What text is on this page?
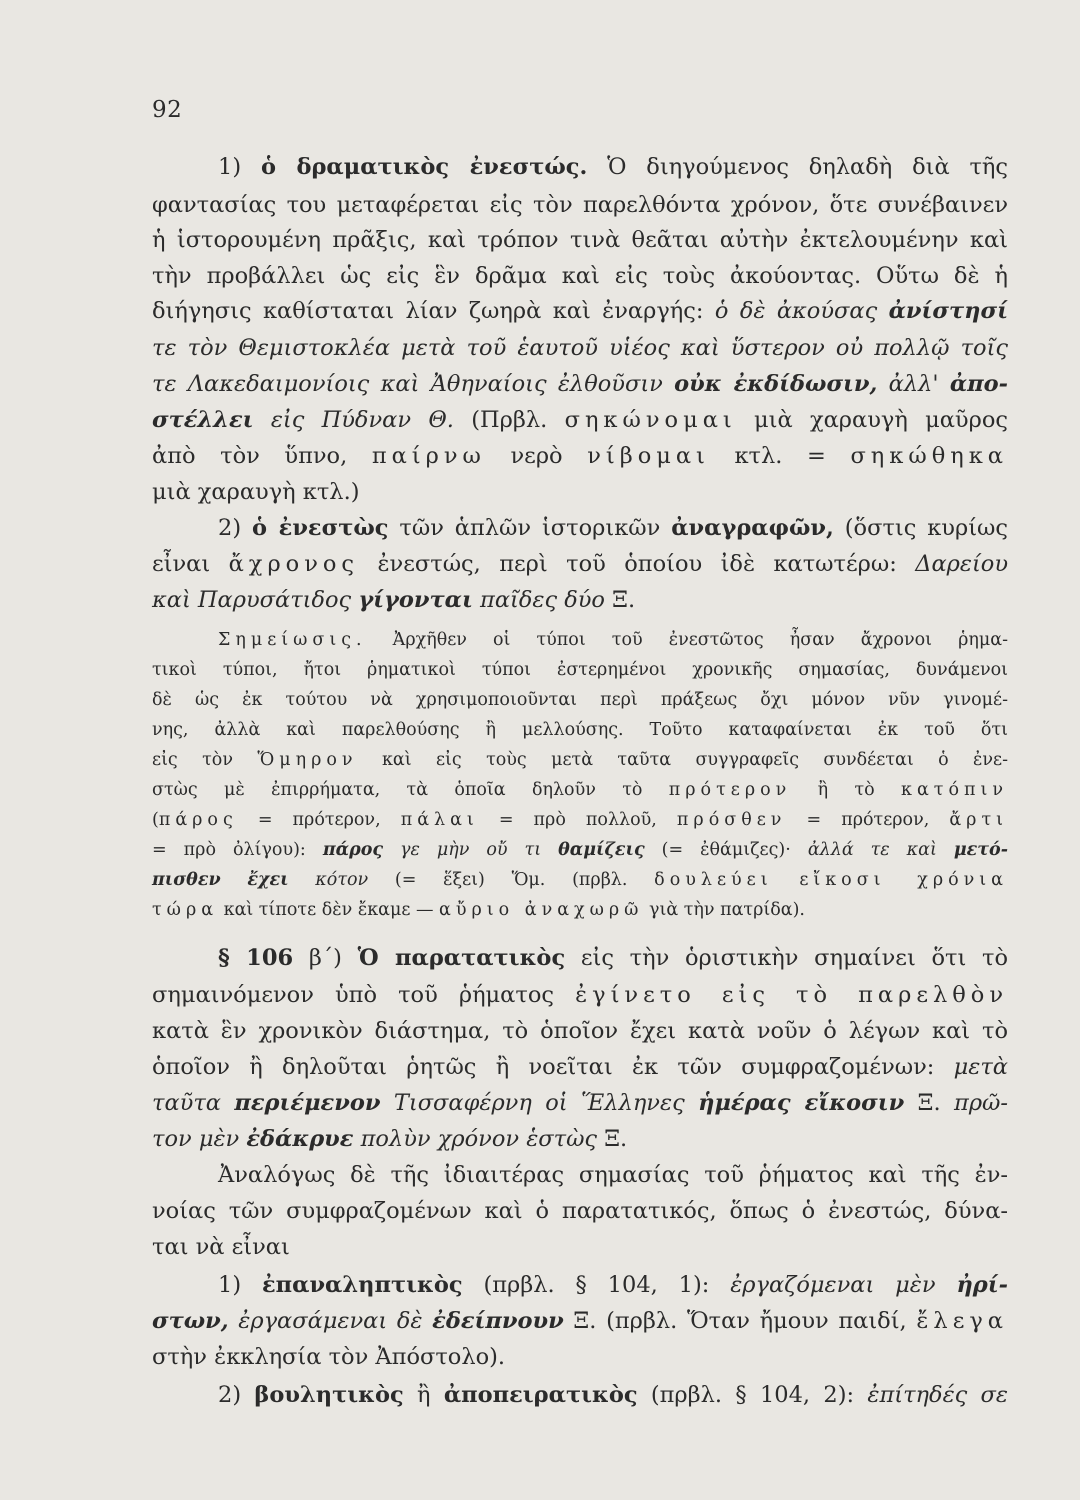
92
1) ὁ δραματικὸς ἐνεστώς. Ὁ διηγούμενος δηλαδὴ διὰ τῆς
φαντασίας του μεταφέρεται εἰς τὸν παρελθόντα χρόνον, ὅτε συνέβαινεν
ἡ ἱστορουμένη πρᾶξις, καὶ τρόπον τινὰ θεᾶται αὐτὴν ἐκτελουμένην καὶ
τὴν προβάλλει ὡς εἰς ἓν δρᾶμα καὶ εἰς τοὺς ἀκούοντας. Οὕτω δὲ ἡ
διήγησις καθίσταται λίαν ζωηρὰ καὶ ἐναργής: ὁ δὲ ἀκούσας ἀνίστησί
τε τὸν Θεμιστοκλέα μετὰ τοῦ ἑαυτοῦ υἱέος καὶ ὕστερον οὐ πολλῷ τοῖς
τε Λακεδαιμονίοις καὶ Ἀθηναίοις ἐλθοῦσιν οὐκ ἐκδίδωσιν, ἀλλ' ἀπο-
στέλλει εἰς Πύδναν Θ. (Πρβλ. σηκώνομαι μιὰ χαραυγὴ μαῦρος
ἀπὸ τὸν ὕπνο, παίρνω νερὸ νίβομαι κτλ. = σηκώθηκα
μιὰ χαραυγὴ κτλ.)
2) ὁ ἐνεστὼς τῶν ἁπλῶν ἱστορικῶν ἀναγραφῶν, (ὅστις κυρίως
εἶναι ἄχρονος ἐνεστώς, περὶ τοῦ ὁποίου ἰδὲ κατωτέρω: Δαρείου
καὶ Παρυσάτιδος γίγονται παῖδες δύο Ξ.
Σημείωσις. Ἀρχῆθεν οἱ τύποι τοῦ ἐνεστῶτος ἦσαν ἄχρονοι ῥημα-
τικοὶ τύποι, ἤτοι ῥηματικοὶ τύποι ἐστερημένοι χρονικῆς σημασίας, δυνάμενοι
δὲ ὡς ἐκ τούτου νὰ χρησιμοποιοῦνται περὶ πράξεως ὄχι μόνον νῦν γινομέ-
νης, ἀλλὰ καὶ παρελθούσης ἢ μελλούσης. Τοῦτο καταφαίνεται ἐκ τοῦ ὅτι
εἰς τὸν Ὅμηρον καὶ εἰς τοὺς μετὰ ταῦτα συγγραφεῖς συνδέεται ὁ ἐνε-
στὼς μὲ ἐπιρρήματα, τὰ ὁποῖα δηλοῦν τὸ πρότερον ἢ τὸ κατόπιν
(πάρος = πρότερον, πάλαι = πρὸ πολλοῦ, πρόσθεν = πρότερον, ἄρτι
= πρὸ ὀλίγου): πάρος γε μὴν οὔ τι θαμίζεις (= ἐθάμιζες)· ἀλλά τε καὶ μετό-
πισθεν ἔχει κότον (= ἕξει) Ὅμ. (πρβλ. δουλεύει εἴκοσι χρόνια
τώρα καὶ τίποτε δὲν ἔκαμε — αὔριο ἀναχωρῶ γιὰ τὴν πατρίδα).
§ 106 β΄) Ὁ παρατατικὸς εἰς τὴν ὁριστικὴν σημαίνει ὅτι τὸ
σημαινόμενον ὑπὸ τοῦ ῥήματος ἐγίνετο εἰς τὸ παρελθὸν
κατὰ ἓν χρονικὸν διάστημα, τὸ ὁποῖον ἔχει κατὰ νοῦν ὁ λέγων καὶ τὸ
ὁποῖον ἢ δηλοῦται ῥητῶς ἢ νοεῖται ἐκ τῶν συμφραζομένων: μετὰ
ταῦτα περιέμενον Τισσαφέρνη οἱ Ἕλληνες ἡμέρας εἴκοσιν Ξ. πρῶ-
τον μὲν ἐδάκρυε πολὺν χρόνον ἑστὼς Ξ.
Ἀναλόγως δὲ τῆς ἰδιαιτέρας σημασίας τοῦ ῥήματος καὶ τῆς ἐν-
νοίας τῶν συμφραζομένων καὶ ὁ παρατατικός, ὅπως ὁ ἐνεστώς, δύνα-
ται νὰ εἶναι
1) ἐπαναληπτικὸς (πρβλ. § 104, 1): ἐργαζόμεναι μὲν ἠρί-
στων, ἐργασάμεναι δὲ ἐδείπνουν Ξ. (πρβλ. Ὅταν ἤμουν παιδί, ἔλεγα
στὴν ἐκκλησία τὸν Ἀπόστολο).
2) βουλητικὸς ἢ ἀποπειρατικὸς (πρβλ. § 104, 2): ἐπίτηδές σε
